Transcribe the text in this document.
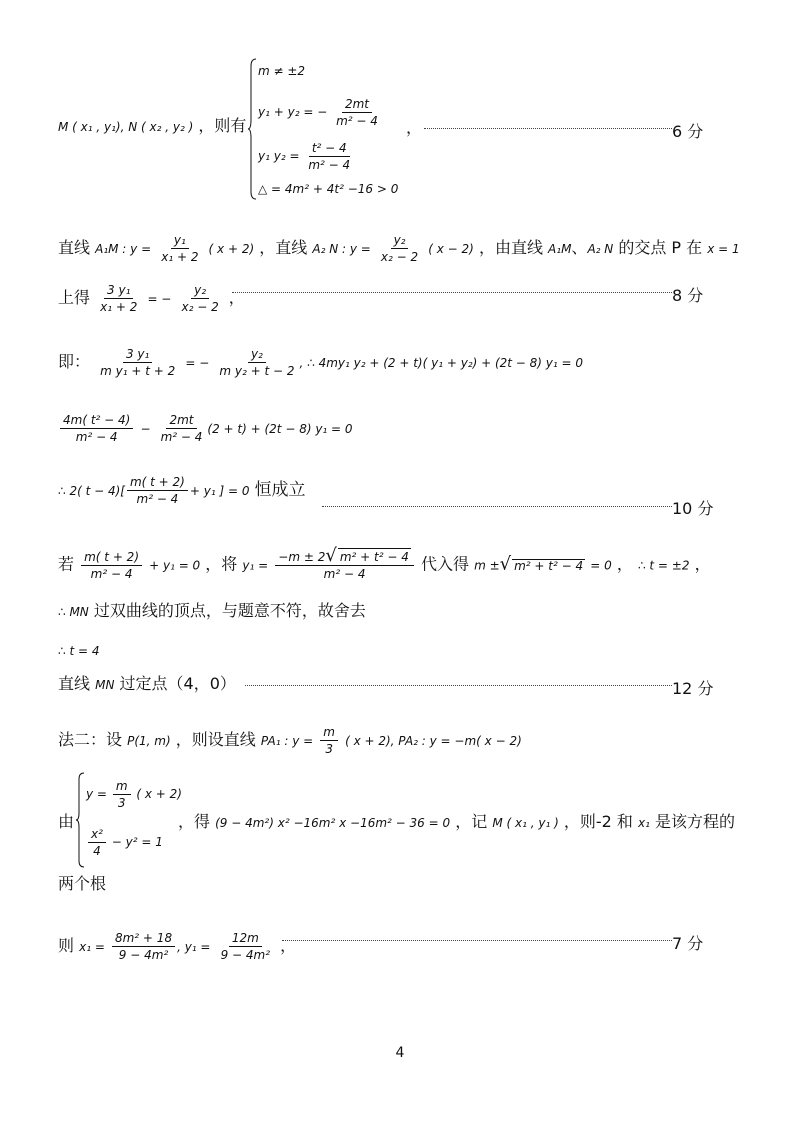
M ( x₁ , y₁), N ( x₂ , y₂ ) ，则有
m ≠ ±2
y₁ + y₂ = − $\frac{2mt}{\text{m² − 4}}$
y₁ $y_2 = \frac{\text{t² − 4}}{\text{m² − 4}}$
△ = 4m² + 4t² −16 > 0
，	6 分
直线 A₁M : $y = \frac{\text{y₁}}{\text{x₁ + 2}}$ ( x + 2) ，直线 A₂ N : $y = \frac{\text{y₂}}{\text{x₂ − 2}}$ ( x − 2) ，由直线 A₁M、A₂ N 的交点 P 在 x = 1
上得 $\frac{\text{3 y₁}}{\text{x₁ + 2}}$ = − $\frac{\text{y₂}}{\text{x₂ − 2}}$ ，	8 分
即： $\frac{\text{3 y₁}}{\text{m y₁ + t + 2}}$ = − $\frac{\text{y₂}}{\text{m y₂ + t − 2}}$ , ∴ 4my₁ y₂ + (2 + t)( y₁ + y₂) + (2t − 8) y₁ = 0
$\frac{\text{4m( t² − 4)}}{\text{m² − 4}} - \frac{2mt}{\text{m² − 4}} (2 + t) + (2t - 8) y_1 = 0$
∴ 2( $t - 4)[ \frac{m( t + 2)}{\text{m² − 4}} + y_1$ ] = 0 恒成立
10 分
若 $\frac{m( t + 2)}{\text{m² − 4}} + y_1 = 0$ ，将 $y_1 = \frac{\text{−m ± 2√ m² + t² − 4}}{\text{m² − 4}}$ 代入得 m ±√ m² + t² − 4 = 0 ， ∴ t = ±2 ，
∴ MN 过双曲线的顶点，与题意不符，故舍去
∴ t = 4
直线 MN 过定点（4，0）	12 分
法二：设 P(1, m) ，则设直线 PA₁ : $y = \frac{m}{3}$ ( x + 2), PA₂ : y = −m( x − 2)
由
$y = \frac{m}{3}$ ( x + 2)
$\frac{\text{x²}}{4} - y^2 = 1$
，得 (9 − 4m²) x² −16m² x −16m² − 36 = 0 ，记 M ( x₁ , y₁ ) ，则-2 和 x₁ 是该方程的
两个根
则 $x_1 = \frac{\text{8m² + 18}}{\text{9 − 4m²}}$ , $y_1 = \frac{12m}{\text{9 − 4m²}}$ ，	7 分
4
